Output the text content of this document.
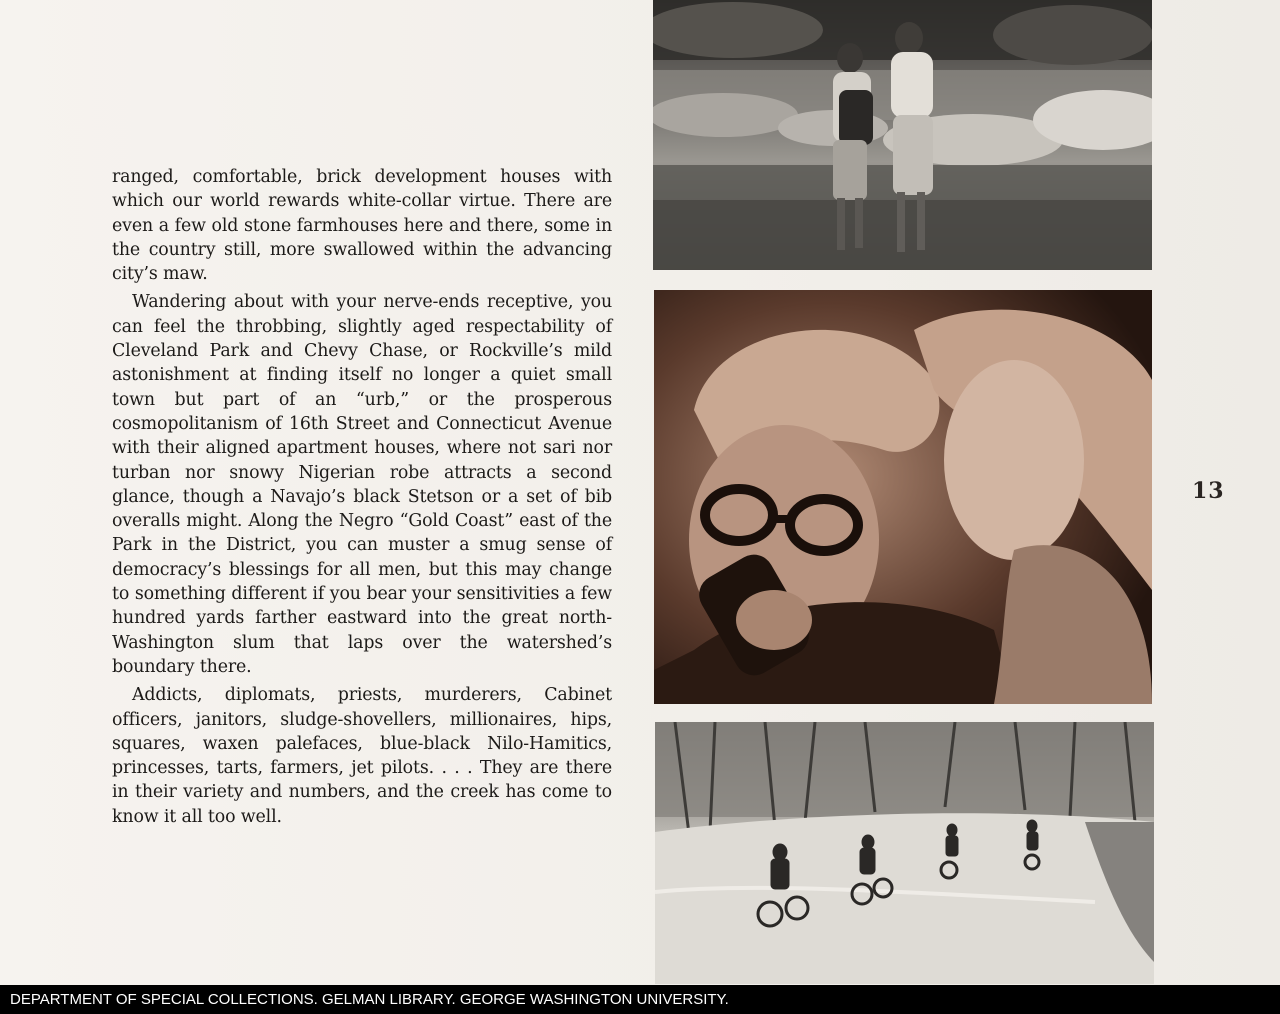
ranged, comfortable, brick development houses with which our world rewards white-collar virtue. There are even a few old stone farmhouses here and there, some in the country still, more swallowed within the advancing city’s maw.

Wandering about with your nerve-ends receptive, you can feel the throbbing, slightly aged respectability of Cleveland Park and Chevy Chase, or Rockville’s mild astonishment at finding itself no longer a quiet small town but part of an “urb,” or the prosperous cosmopolitanism of 16th Street and Connecticut Avenue with their aligned apartment houses, where not sari nor turban nor snowy Nigerian robe attracts a second glance, though a Navajo’s black Stetson or a set of bib overalls might. Along the Negro “Gold Coast” east of the Park in the District, you can muster a smug sense of democracy’s blessings for all men, but this may change to something different if you bear your sensitivities a few hundred yards farther eastward into the great north-Washington slum that laps over the watershed’s boundary there.

Addicts, diplomats, priests, murderers, Cabinet officers, janitors, sludge-shovellers, millionaires, hips, squares, waxen palefaces, blue-black Nilo-Hamitics, princesses, tarts, farmers, jet pilots. . . . They are there in their variety and numbers, and the creek has come to know it all too well.

13
DEPARTMENT OF SPECIAL COLLECTIONS. GELMAN LIBRARY. GEORGE WASHINGTON UNIVERSITY.
